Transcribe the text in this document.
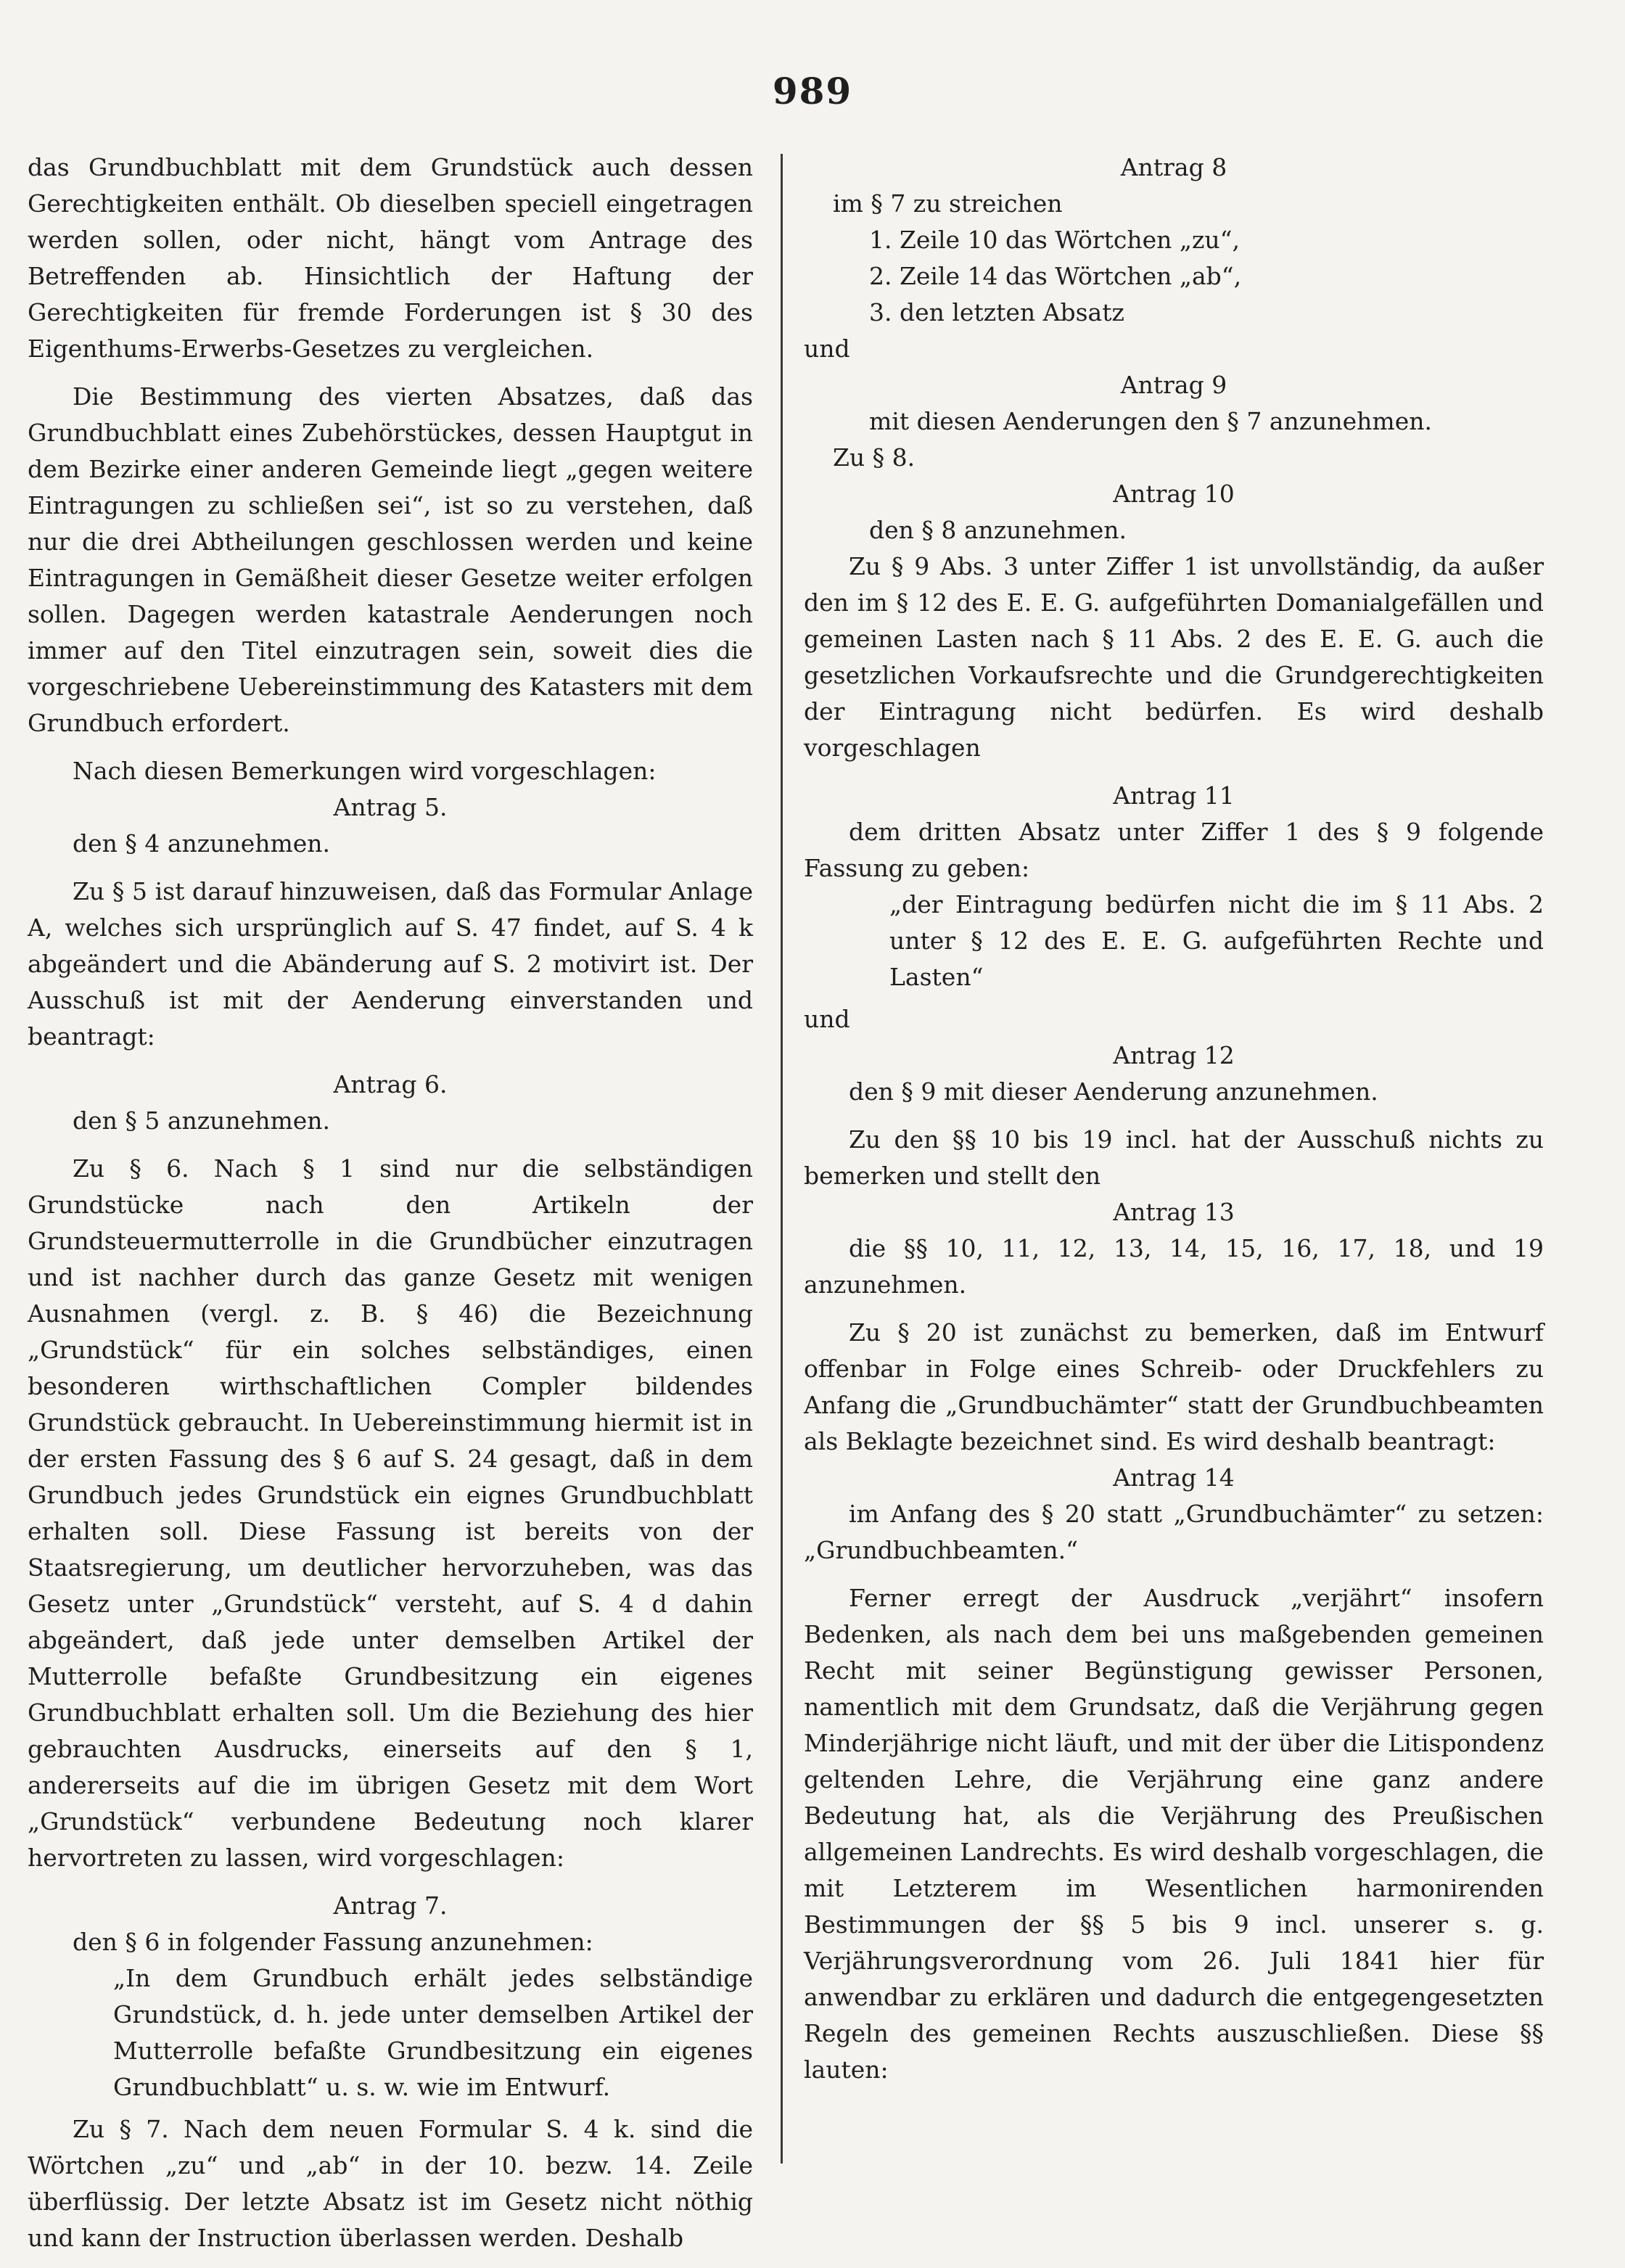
989

das Grundbuchblatt mit dem Grundstück auch dessen Gerechtigkeiten enthält. Ob dieselben speciell eingetragen werden sollen, oder nicht, hängt vom Antrage des Betreffenden ab. Hinsichtlich der Haftung der Gerechtigkeiten für fremde Forderungen ist § 30 des Eigenthums-Erwerbs-Gesetzes zu vergleichen.

Die Bestimmung des vierten Absatzes, daß das Grundbuchblatt eines Zubehörstückes, dessen Hauptgut in dem Bezirke einer anderen Gemeinde liegt „gegen weitere Eintragungen zu schließen sei“, ist so zu verstehen, daß nur die drei Abtheilungen geschlossen werden und keine Eintragungen in Gemäßheit dieser Gesetze weiter erfolgen sollen. Dagegen werden katastrale Aenderungen noch immer auf den Titel einzutragen sein, soweit dies die vorgeschriebene Uebereinstimmung des Katasters mit dem Grundbuch erfordert.

Nach diesen Bemerkungen wird vorgeschlagen:

Antrag 5.

den § 4 anzunehmen.

Zu § 5 ist darauf hinzuweisen, daß das Formular Anlage A, welches sich ursprünglich auf S. 47 findet, auf S. 4 k abgeändert und die Abänderung auf S. 2 motivirt ist. Der Ausschuß ist mit der Aenderung einverstanden und beantragt:

Antrag 6.

den § 5 anzunehmen.

Zu § 6. Nach § 1 sind nur die selbständigen Grundstücke nach den Artikeln der Grundsteuermutterrolle in die Grundbücher einzutragen und ist nachher durch das ganze Gesetz mit wenigen Ausnahmen (vergl. z. B. § 46) die Bezeichnung „Grundstück“ für ein solches selbständiges, einen besonderen wirthschaftlichen Compler bildendes Grundstück gebraucht. In Uebereinstimmung hiermit ist in der ersten Fassung des § 6 auf S. 24 gesagt, daß in dem Grundbuch jedes Grundstück ein eignes Grundbuchblatt erhalten soll. Diese Fassung ist bereits von der Staatsregierung, um deutlicher hervorzuheben, was das Gesetz unter „Grundstück“ versteht, auf S. 4 d dahin abgeändert, daß jede unter demselben Artikel der Mutterrolle befaßte Grundbesitzung ein eigenes Grundbuchblatt erhalten soll. Um die Beziehung des hier gebrauchten Ausdrucks, einerseits auf den § 1, andererseits auf die im übrigen Gesetz mit dem Wort „Grundstück“ verbundene Bedeutung noch klarer hervortreten zu lassen, wird vorgeschlagen:

Antrag 7.

den § 6 in folgender Fassung anzunehmen:

„In dem Grundbuch erhält jedes selbständige Grundstück, d. h. jede unter demselben Artikel der Mutterrolle befaßte Grundbesitzung ein eigenes Grundbuchblatt“ u. s. w. wie im Entwurf.

Zu § 7. Nach dem neuen Formular S. 4 k. sind die Wörtchen „zu“ und „ab“ in der 10. bezw. 14. Zeile überflüssig. Der letzte Absatz ist im Gesetz nicht nöthig und kann der Instruction überlassen werden. Deshalb

Antrag 8

im § 7 zu streichen

1. Zeile 10 das Wörtchen „zu“,
2. Zeile 14 das Wörtchen „ab“,
3. den letzten Absatz
und
Antrag 9

mit diesen Aenderungen den § 7 anzunehmen.

Zu § 8.
Antrag 10

den § 8 anzunehmen.

Zu § 9 Abs. 3 unter Ziffer 1 ist unvollständig, da außer den im § 12 des E. E. G. aufgeführten Domanialgefällen und gemeinen Lasten nach § 11 Abs. 2 des E. E. G. auch die gesetzlichen Vorkaufsrechte und die Grundgerechtigkeiten der Eintragung nicht bedürfen. Es wird deshalb vorgeschlagen

Antrag 11

dem dritten Absatz unter Ziffer 1 des § 9 folgende Fassung zu geben:

„der Eintragung bedürfen nicht die im § 11 Abs. 2 unter § 12 des E. E. G. aufgeführten Rechte und Lasten“

und
Antrag 12

den § 9 mit dieser Aenderung anzunehmen.

Zu den §§ 10 bis 19 incl. hat der Ausschuß nichts zu bemerken und stellt den

Antrag 13

die §§ 10, 11, 12, 13, 14, 15, 16, 17, 18, und 19 anzunehmen.

Zu § 20 ist zunächst zu bemerken, daß im Entwurf offenbar in Folge eines Schreib- oder Druckfehlers zu Anfang die „Grundbuchämter“ statt der Grundbuchbeamten als Beklagte bezeichnet sind. Es wird deshalb beantragt:

Antrag 14

im Anfang des § 20 statt „Grundbuchämter“ zu setzen: „Grundbuchbeamten.“

Ferner erregt der Ausdruck „verjährt“ insofern Bedenken, als nach dem bei uns maßgebenden gemeinen Recht mit seiner Begünstigung gewisser Personen, namentlich mit dem Grundsatz, daß die Verjährung gegen Minderjährige nicht läuft, und mit der über die Litispondenz geltenden Lehre, die Verjährung eine ganz andere Bedeutung hat, als die Verjährung des Preußischen allgemeinen Landrechts. Es wird deshalb vorgeschlagen, die mit Letzterem im Wesentlichen harmonirenden Bestimmungen der §§ 5 bis 9 incl. unserer s. g. Verjährungsverordnung vom 26. Juli 1841 hier für anwendbar zu erklären und dadurch die entgegengesetzten Regeln des gemeinen Rechts auszuschließen. Diese §§ lauten:
